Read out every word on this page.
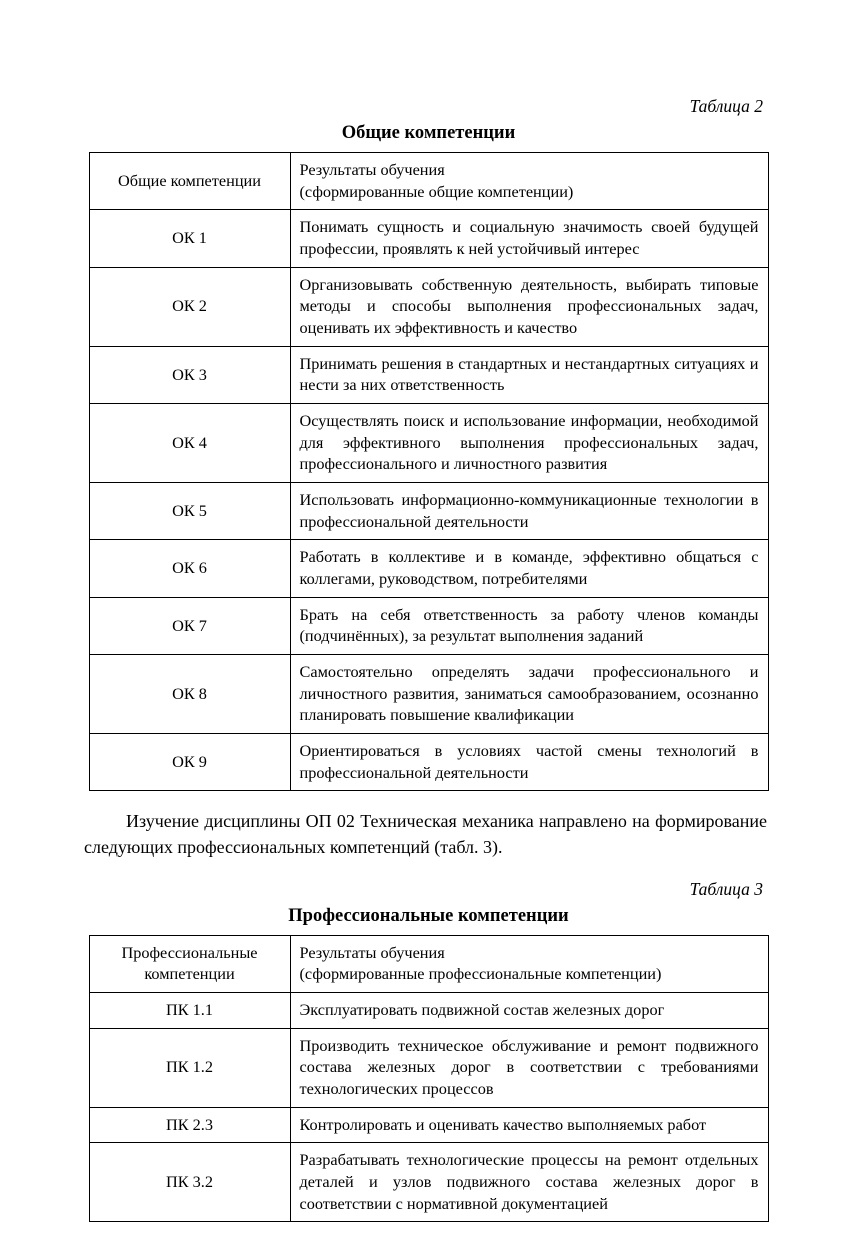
Таблица 2
Общие компетенции
Общие компетенции	Результаты обучения
(сформированные общие компетенции)

ОК 1	Понимать сущность и социальную значимость своей будущей профессии, проявлять к ней устойчивый интерес
ОК 2	Организовывать собственную деятельность, выбирать типовые методы и способы выполнения профессиональных задач, оценивать их эффективность и качество
ОК 3	Принимать решения в стандартных и нестандартных ситуациях и нести за них ответственность
ОК 4	Осуществлять поиск и использование информации, необходимой для эффективного выполнения профессиональных задач, профессионального и личностного развития
ОК 5	Использовать информационно-коммуникационные технологии в профессиональной деятельности
ОК 6	Работать в коллективе и в команде, эффективно общаться с коллегами, руководством, потребителями
ОК 7	Брать на себя ответственность за работу членов команды (подчинённых), за результат выполнения заданий
ОК 8	Самостоятельно определять задачи профессионального и личностного развития, заниматься самообразованием, осознанно планировать повышение квалификации
ОК 9	Ориентироваться в условиях частой смены технологий в профессиональной деятельности

Изучение дисциплины ОП 02 Техническая механика направлено на формирование следующих профессиональных компетенций (табл. 3).

Таблица 3
Профессиональные компетенции
Профессиональные
компетенции	Результаты обучения
(сформированные профессиональные компетенции)

ПК 1.1	Эксплуатировать подвижной состав железных дорог
ПК 1.2	Производить техническое обслуживание и ремонт подвижного состава железных дорог в соответствии с требованиями технологических процессов
ПК 2.3	Контролировать и оценивать качество выполняемых работ
ПК 3.2	Разрабатывать технологические процессы на ремонт отдельных деталей и узлов подвижного состава железных дорог в соответствии с нормативной документацией
